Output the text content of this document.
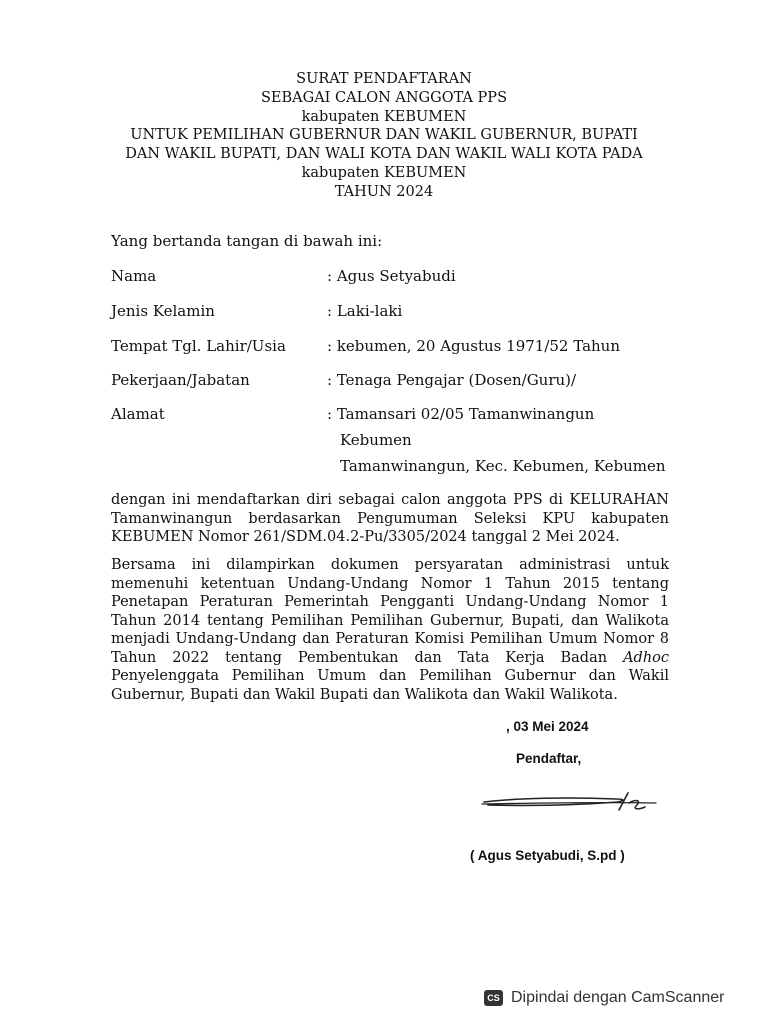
SURAT PENDAFTARAN
SEBAGAI CALON ANGGOTA PPS
kabupaten KEBUMEN
UNTUK PEMILIHAN GUBERNUR DAN WAKIL GUBERNUR, BUPATI
DAN WAKIL BUPATI, DAN WALI KOTA DAN WAKIL WALI KOTA PADA
kabupaten KEBUMEN
TAHUN 2024
Yang bertanda tangan di bawah ini:
Nama	: Agus Setyabudi
Jenis Kelamin	: Laki-laki
Tempat Tgl. Lahir/Usia	: kebumen, 20 Agustus 1971/52 Tahun
Pekerjaan/Jabatan	: Tenaga Pengajar (Dosen/Guru)/
Alamat	: Tamansari 02/05 Tamanwinangun
Kebumen
Tamanwinangun, Kec. Kebumen, Kebumen
dengan ini mendaftarkan diri sebagai calon anggota PPS di KELURAHAN
Tamanwinangun berdasarkan Pengumuman Seleksi KPU kabupaten
KEBUMEN Nomor 261/SDM.04.2-Pu/3305/2024 tanggal 2 Mei 2024.
Bersama ini dilampirkan dokumen persyaratan administrasi untuk
memenuhi ketentuan Undang-Undang Nomor 1 Tahun 2015 tentang
Penetapan Peraturan Pemerintah Pengganti Undang-Undang Nomor 1
Tahun 2014 tentang Pemilihan Pemilihan Gubernur, Bupati, dan Walikota
menjadi Undang-Undang dan Peraturan Komisi Pemilihan Umum Nomor 8
Tahun 2022 tentang Pembentukan dan Tata Kerja Badan Adhoc
Penyelenggata Pemilihan Umum dan Pemilihan Gubernur dan Wakil
Gubernur, Bupati dan Wakil Bupati dan Walikota dan Wakil Walikota.
, 03 Mei 2024
Pendaftar,
( Agus Setyabudi, S.pd )
CS Dipindai dengan CamScanner
